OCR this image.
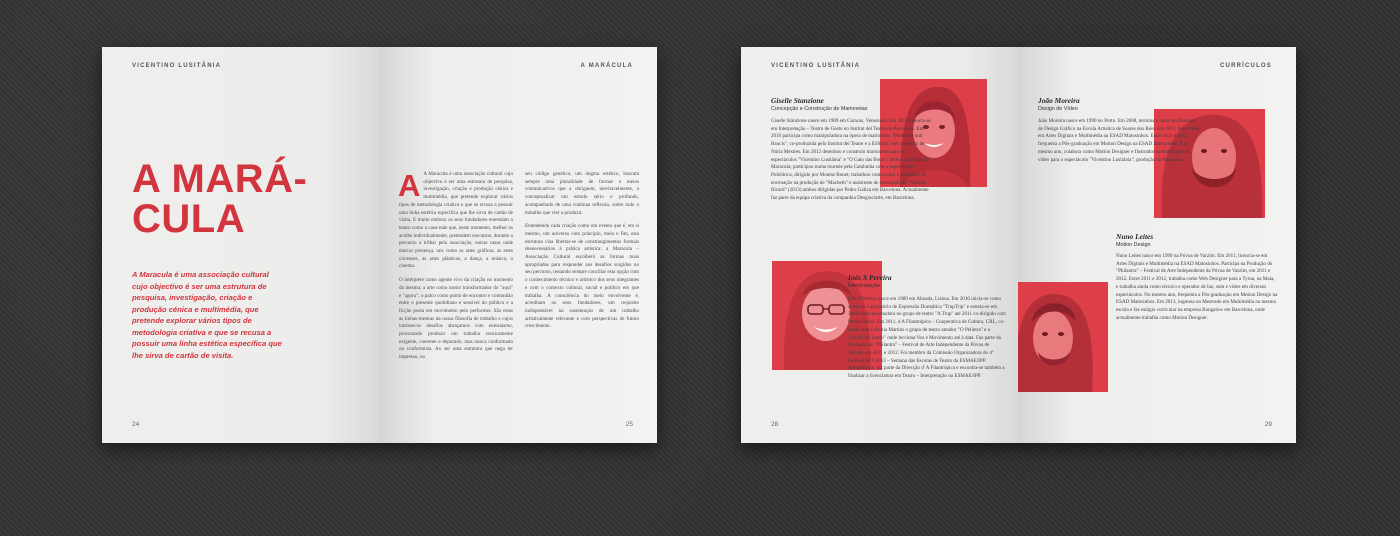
VICENTINO LUSITÂNIA
A MARÁ-
CULA

A Maracula é uma associação cultural cujo objectivo é ser uma estrutura de pesquisa, investigação, criação e produção cénica e multimédia, que pretende explorar vários tipos de metodologia criativa e que se recusa a possuir uma linha estética específica que lhe sirva de cartão de visita.

24
A MARÁCULA

A A Maracula é uma associação cultural cujo objectivo é ser uma estrutura de pesquisa, investigação, criação e produção cénica e multimédia, que pretende explorar vários tipos de metodologia criativa e que se recusa a possuir uma linha estética específica que lhe sirva de cartão de visita. E muito embora os seus fundadores entendam o teatro como a casa-mãe que, neste momento, melhor os acolhe individualmente, pretendem encontrar, durante o percurso a trilhar pela associação, outras casas onde marcar presença, tais como as artes gráficas, as artes circenses, as artes plásticas, a dança, a música, o cinema.

O intérprete como agente vivo da criação no momento da mesma; a arte como motor transformador do "aqui" e "agora"; o palco como ponto de encontro e comunhão entre o presente quotidiano e sensível do público e a ficção posta em movimento pelo performer. São estas as linhas-mestras da nossa filosofia de trabalho e cujos intrínsecos desafios abraçamos com entusiasmo, procurando produzir um trabalho tecnicamente exigente, coerente e depurado, mas nunca conformado ou conformista. Ao ser uma estrutura que nega ter impresso, no

seu código genético, um dogma estético, buscará sempre uma pluralidade de formas e meios comunicativos que a obriguem, inevitavelmente, a conceptualizar um estudo sério e profundo, acompanhado de uma contínua reflexão, sobre todo o trabalho que vier a produzir.

Entendendo cada criação como um evento que é, em si mesmo, um universo com princípio, meio e fim, esta estrutura visa libertar-se de constrangimentos formais desnecessários à prática artística: a Maracula – Associação Cultural escolherá as formas mais apropriadas para responder aos desafios surgidos no seu percurso, tentando sempre conciliar esta opção com o conhecimento técnico e artístico dos seus integrantes e com o contexto cultural, social e político em que trabalha. A consciência do meio envolvente é, acreditam os seus fundadores, um requisito indispensável na sustentação de um trabalho artisticamente relevante e com perspectivas de futuro crescimento.

25
VICENTINO LUSITÂNIA

Giselle Stanzione

Concepção e Construção de Marionetas

Giselle Stanzione nasce em 1989 em Caracas, Venezuela. Em 2013 licencia-se em Interpretação – Teatro de Gesto no Institut del Teatre de Barcelona. Em 2010 participa como manipuladora na ópera de marionetas "Philemon und Baucis", co-produzida pelo Institut del Teatre e a ESMAE, sob a direção de Núria Mestres. Em 2012 desenhou e construiu marionetas para os espectáculos "Vicentino Lusitânia" e "O Gato das Botas", ambos produção da Maracula; participou numa tournée pela Catalunha com o espectáculo Poliédrica, dirigido por Montse Bonet; trabalhou como actriz e assistente de encenação na produção de "Macbeth" e assistente de encenação de "Nonnés Ricard" (2013) ambos dirigidas por Pedro Galiza em Barcelona. Actualmente faz parte da equipa criativa da companhia Desgraciarte, em Barcelona.

Inês S Pereira

Interpretação

Inês S Pereira nasce em 1989 em Almada, Lisboa. Em 2010 inicia-se como actriz no Laboratório de Expressão Dramática "TrupTrip" e estreia-se em 2010 como encenadora no grupo de teatro "A Trup" até 2011 co-dirigido com Pedro Galiza. Em 2011, n'A Filantrópica – Cooperativa de Cultura, CRL, co-funda com Cristina Martins o grupo de teatro amador "O Pelintra" e a "Escola de Teatro" onde lecciona Voz e Movimento até à data. Faz parte da Produção de "Philantra" – Festival de Arte Independente da Póvoa de Varzim, em 2011 e 2012. Foi membro da Comissão Organizadora do 4º Festival SET 2013 – Semana das Escolas de Teatro da ESMAE/IPP. Actualmente, faz parte da Direcção d' A Filantrópica e encontra-se também a finalizar a licenciatura em Teatro – Interpretação na ESMAE/IPP.

28
CURRÍCULOS

João Moreira

Design de Vídeo

João Moreira nasce em 1990 no Porto. Em 2008, termina o curso profissional de Design Gráfico na Escola Artística de Soares dos Reis. Em 2011, licencia-se em Artes Digitais e Multimédia na ESAD Matosinhos. Entre 2011 e 2013, frequenta a Pós-graduação em Motion Design na ESAD Matosinhos. É ao mesmo ano, colabora como Motion Designer e Ilustrador na elaboração do vídeo para o espectáculo "Vicentino Lusitânia", produção da Maracula.

Nuno Leites

Motion Design

Nuno Leites nasce em 1990 na Póvoa de Varzim. Em 2011, licencia-se em Artes Digitais e Multimédia na ESAD Matosinhos. Participa na Produção do "Philantra" – Festival de Arte Independente da Póvoa de Varzim, em 2011 e 2012. Entre 2011 e 2012, trabalha como Web Designer para a Tyrna, na Maia, e trabalha ainda como técnico e operador de luz, som e vídeo em diversos espectáculos. No mesmo ano, frequenta a Pós-graduação em Motion Design na ESAD Matosinhos. Em 2013, ingressa no Mestrado em Multimédia na mesma escola e faz estágio curricular na empresa Bungalow em Barcelona, onde actualmente trabalha como Motion Designer.

29
